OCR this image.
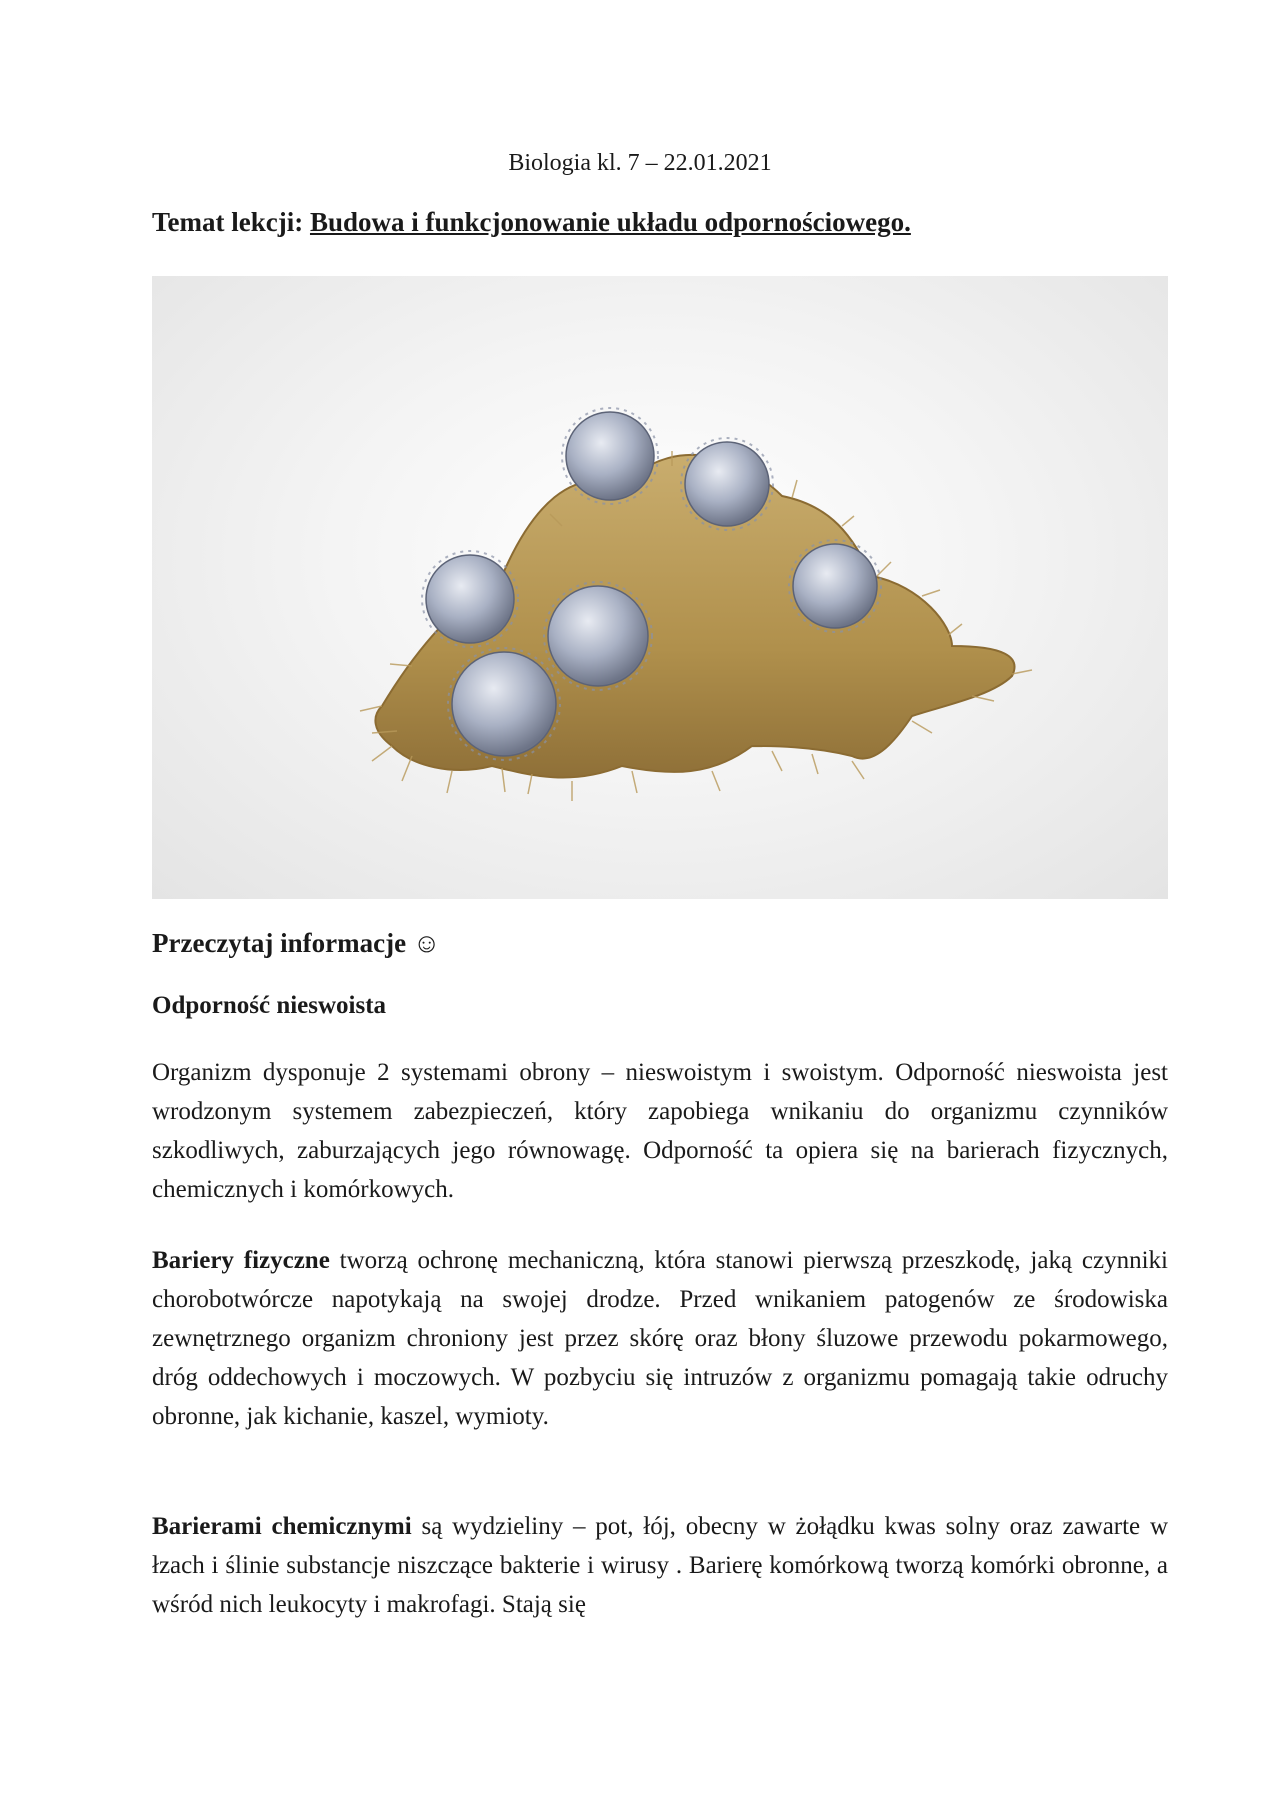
Biologia kl. 7 – 22.01.2021
Temat lekcji: Budowa i funkcjonowanie układu odpornościowego.
Przeczytaj informacje ☺
Odporność nieswoista
Organizm dysponuje 2 systemami obrony – nieswoistym i swoistym. Odporność nieswoista jest wrodzonym systemem zabezpieczeń, który zapobiega wnikaniu do organizmu czynników szkodliwych, zaburzających jego równowagę. Odporność ta opiera się na barierach fizycznych, chemicznych i komórkowych.
Bariery fizyczne tworzą ochronę mechaniczną, która stanowi pierwszą przeszkodę, jaką czynniki chorobotwórcze napotykają na swojej drodze. Przed wnikaniem patogenów ze środowiska zewnętrznego organizm chroniony jest przez skórę oraz błony śluzowe przewodu pokarmowego, dróg oddechowych i moczowych. W pozbyciu się intruzów z organizmu pomagają takie odruchy obronne, jak kichanie, kaszel, wymioty.
Barierami chemicznymi są wydzieliny – pot, łój, obecny w żołądku kwas solny oraz zawarte w łzach i ślinie substancje niszczące bakterie i wirusy . Barierę komórkową tworzą komórki obronne, a wśród nich leukocyty i makrofagi. Stają się
